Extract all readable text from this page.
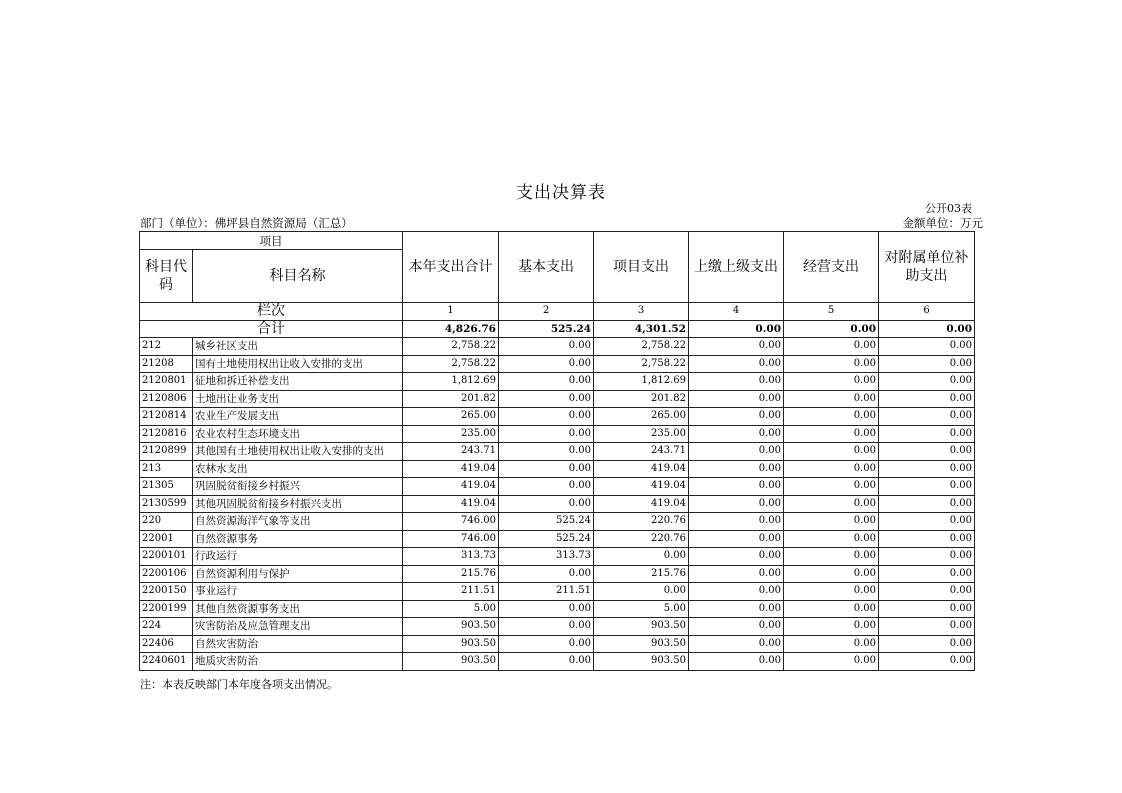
支出决算表
公开03表
部门（单位）：佛坪县自然资源局（汇总）	金额单位：万元
项目		本年支出合计	基本支出	项目支出	上缴上级支出	经营支出	对附属单位补助支出
科目代码	科目名称						
栏次		1	2	3	4	5	6
合计		4,826.76	525.24	4,301.52	0.00	0.00	0.00
212	城乡社区支出	2,758.22	0.00	2,758.22	0.00	0.00	0.00
21208	国有土地使用权出让收入安排的支出	2,758.22	0.00	2,758.22	0.00	0.00	0.00
2120801	征地和拆迁补偿支出	1,812.69	0.00	1,812.69	0.00	0.00	0.00
2120806	土地出让业务支出	201.82	0.00	201.82	0.00	0.00	0.00
2120814	农业生产发展支出	265.00	0.00	265.00	0.00	0.00	0.00
2120816	农业农村生态环境支出	235.00	0.00	235.00	0.00	0.00	0.00
2120899	其他国有土地使用权出让收入安排的支出	243.71	0.00	243.71	0.00	0.00	0.00
213	农林水支出	419.04	0.00	419.04	0.00	0.00	0.00
21305	巩固脱贫衔接乡村振兴	419.04	0.00	419.04	0.00	0.00	0.00
2130599	其他巩固脱贫衔接乡村振兴支出	419.04	0.00	419.04	0.00	0.00	0.00
220	自然资源海洋气象等支出	746.00	525.24	220.76	0.00	0.00	0.00
22001	自然资源事务	746.00	525.24	220.76	0.00	0.00	0.00
2200101	行政运行	313.73	313.73	0.00	0.00	0.00	0.00
2200106	自然资源利用与保护	215.76	0.00	215.76	0.00	0.00	0.00
2200150	事业运行	211.51	211.51	0.00	0.00	0.00	0.00
2200199	其他自然资源事务支出	5.00	0.00	5.00	0.00	0.00	0.00
224	灾害防治及应急管理支出	903.50	0.00	903.50	0.00	0.00	0.00
22406	自然灾害防治	903.50	0.00	903.50	0.00	0.00	0.00
2240601	地质灾害防治	903.50	0.00	903.50	0.00	0.00	0.00
注：本表反映部门本年度各项支出情况。
